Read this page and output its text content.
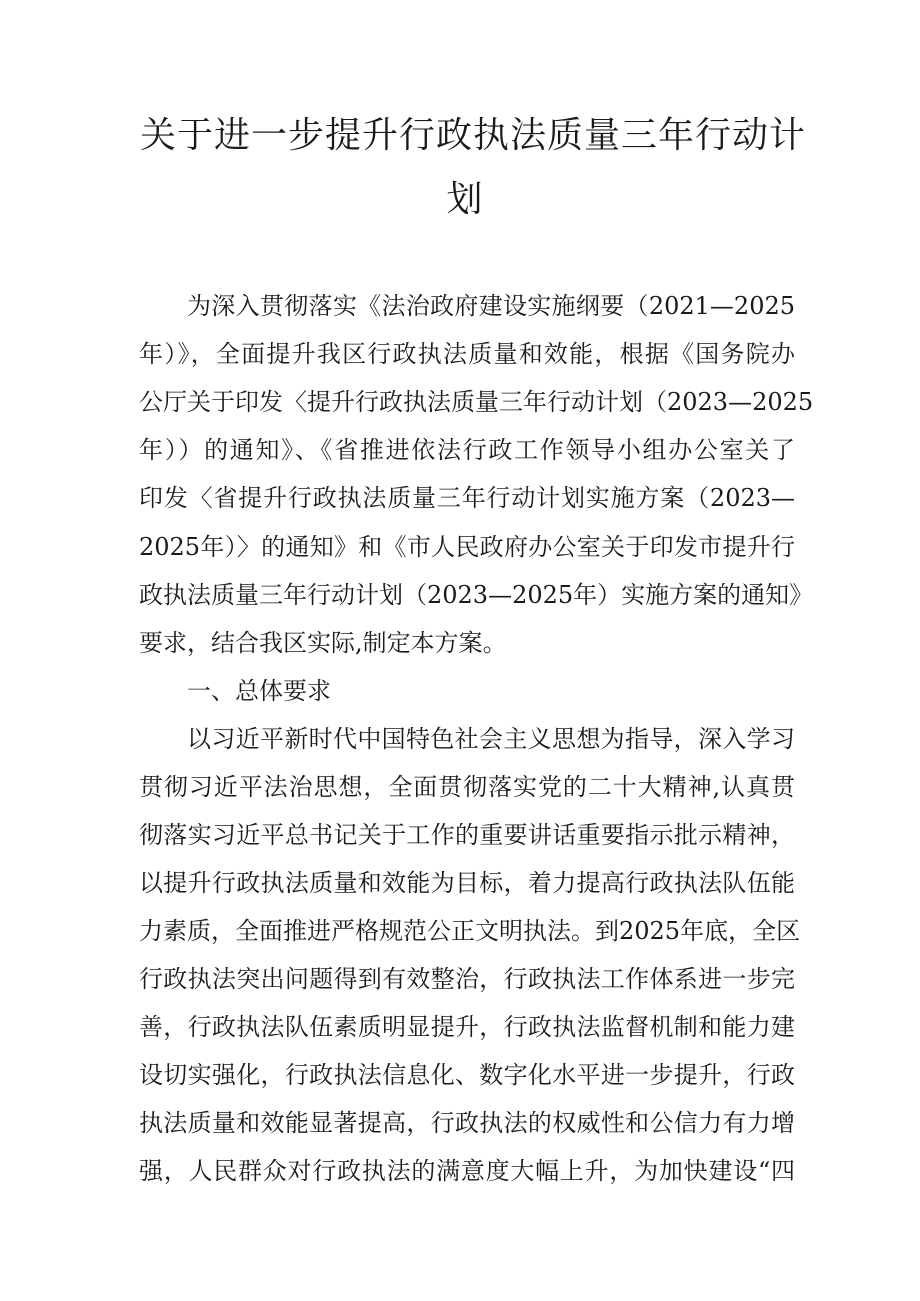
关于进一步提升行政执法质量三年行动计
划
为深入贯彻落实《法治政府建设实施纲要（2021—2025
年）》，全面提升我区行政执法质量和效能，根据《国务院办
公厅关于印发〈提升行政执法质量三年行动计划（2023—2025
年））的通知》、《省推进依法行政工作领导小组办公室关了
印发〈省提升行政执法质量三年行动计划实施方案（2023—
2025年）〉的通知》和《市人民政府办公室关于印发市提升行
政执法质量三年行动计划（2023—2025年）实施方案的通知》
要求，结合我区实际,制定本方案。
一、总体要求
以习近平新时代中国特色社会主义思想为指导，深入学习
贯彻习近平法治思想，全面贯彻落实党的二十大精神,认真贯
彻落实习近平总书记关于工作的重要讲话重要指示批示精神，
以提升行政执法质量和效能为目标，着力提高行政执法队伍能
力素质，全面推进严格规范公正文明执法。到2025年底，全区
行政执法突出问题得到有效整治，行政执法工作体系进一步完
善，行政执法队伍素质明显提升，行政执法监督机制和能力建
设切实强化，行政执法信息化、数字化水平进一步提升，行政
执法质量和效能显著提高，行政执法的权威性和公信力有力增
强，人民群众对行政执法的满意度大幅上升，为加快建设“四
